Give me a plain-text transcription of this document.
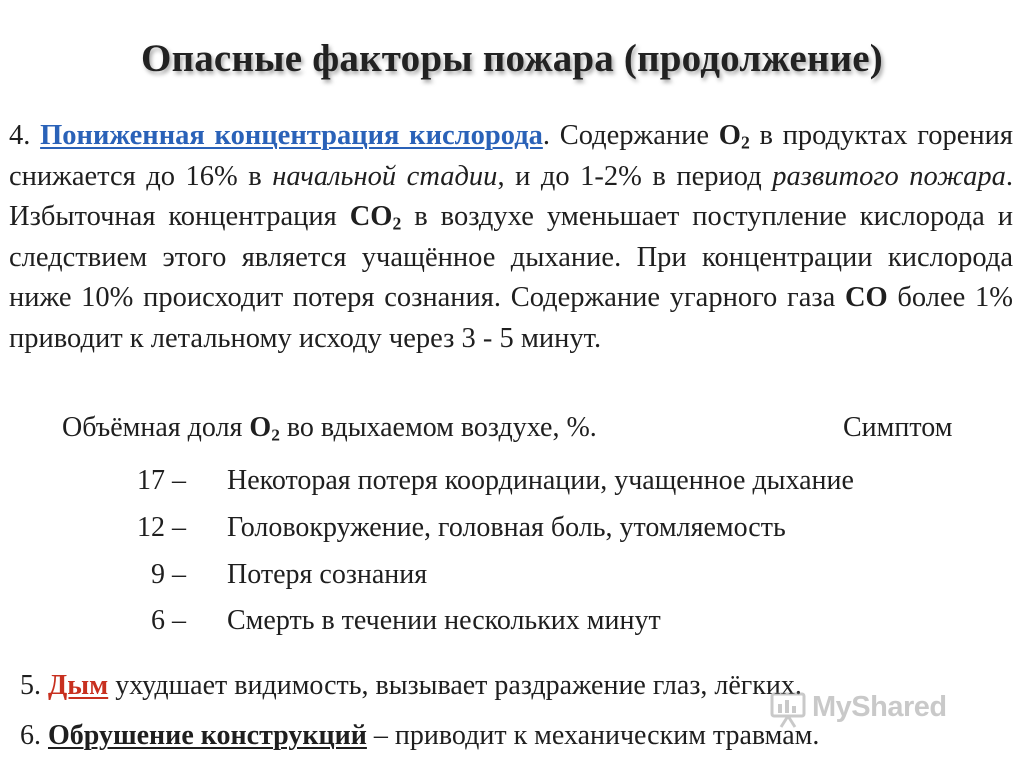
Опасные факторы пожара (продолжение)
4. Пониженная концентрация кислорода. Содержание $O_2$ в продуктах горения снижается до 16% в начальной стадии, и до 1-2% в период развитого пожара. Избыточная концентрация $CO_2$ в воздухе уменьшает поступление кислорода и следствием этого является учащённое дыхание. При концентрации кислорода ниже 10% происходит потеря сознания. Содержание угарного газа CO более 1% приводит к летальному исходу через 3 - 5 минут.
Объёмная доля $O_2$ во вдыхаемом воздухе, %.	Симптом
17 – Некоторая потеря координации, учащенное дыхание
12 – Головокружение, головная боль, утомляемость
9 – Потеря сознания
6 – Смерть в течении нескольких минут
5. Дым ухудшает видимость, вызывает раздражение глаз, лёгких.
6. Обрушение конструкций – приводит к механическим травмам.
MyShared
